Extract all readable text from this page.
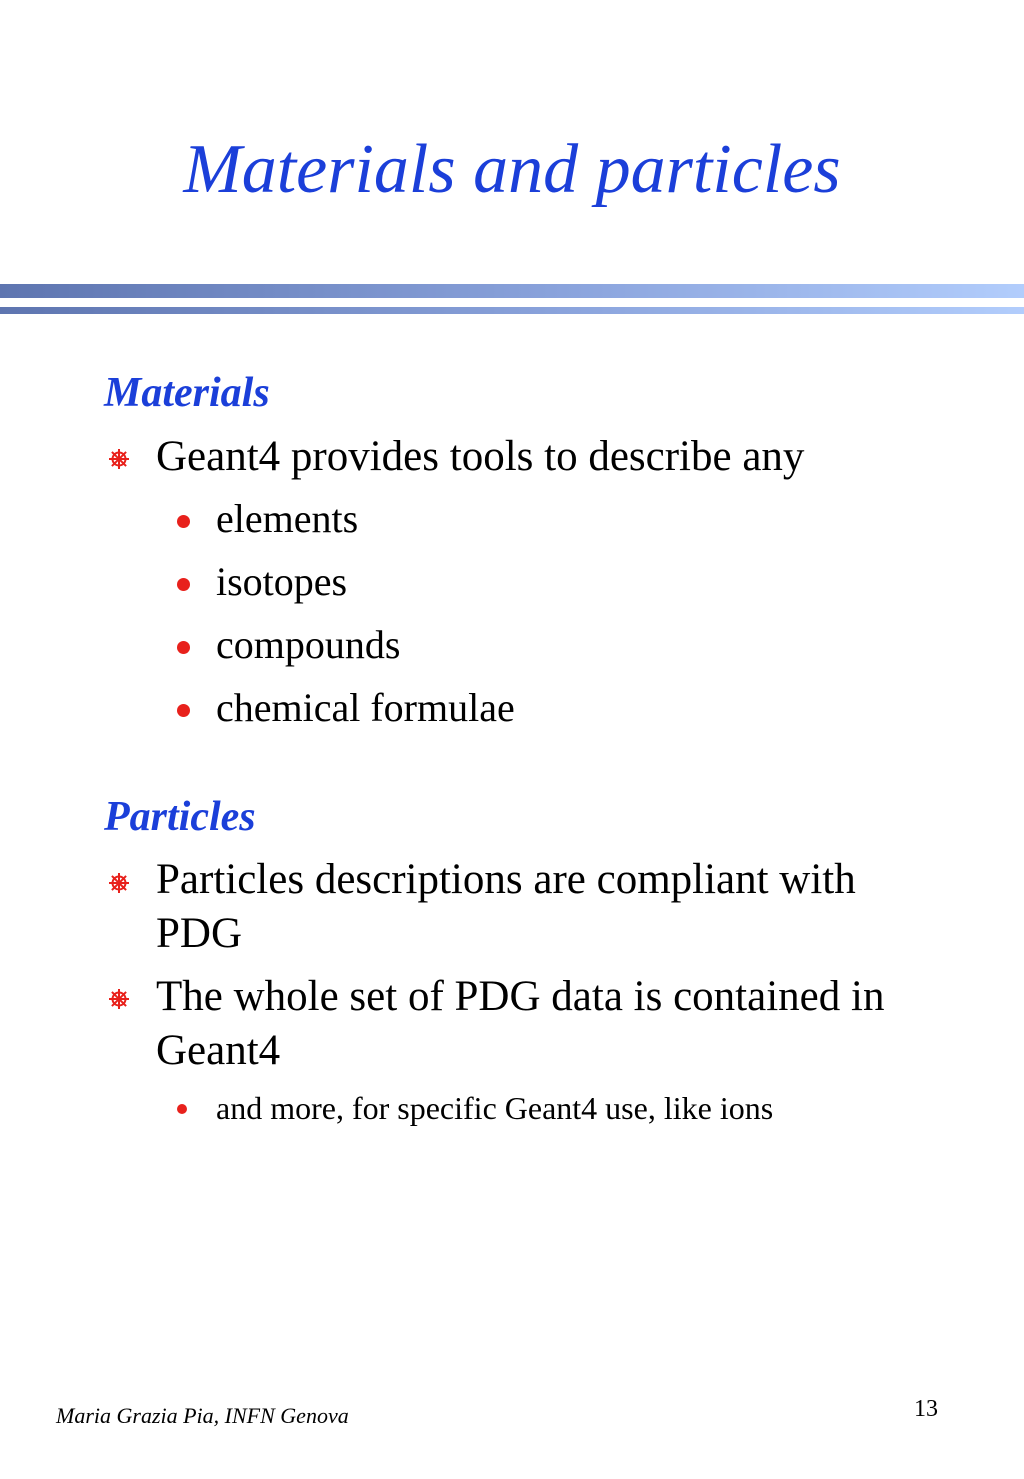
Materials and particles
Materials
Geant4 provides tools to describe any
elements
isotopes
compounds
chemical formulae
Particles
Particles descriptions are compliant with PDG
The whole set of PDG data is contained in Geant4
and more, for specific Geant4 use, like ions
Maria Grazia Pia, INFN Genova	13
